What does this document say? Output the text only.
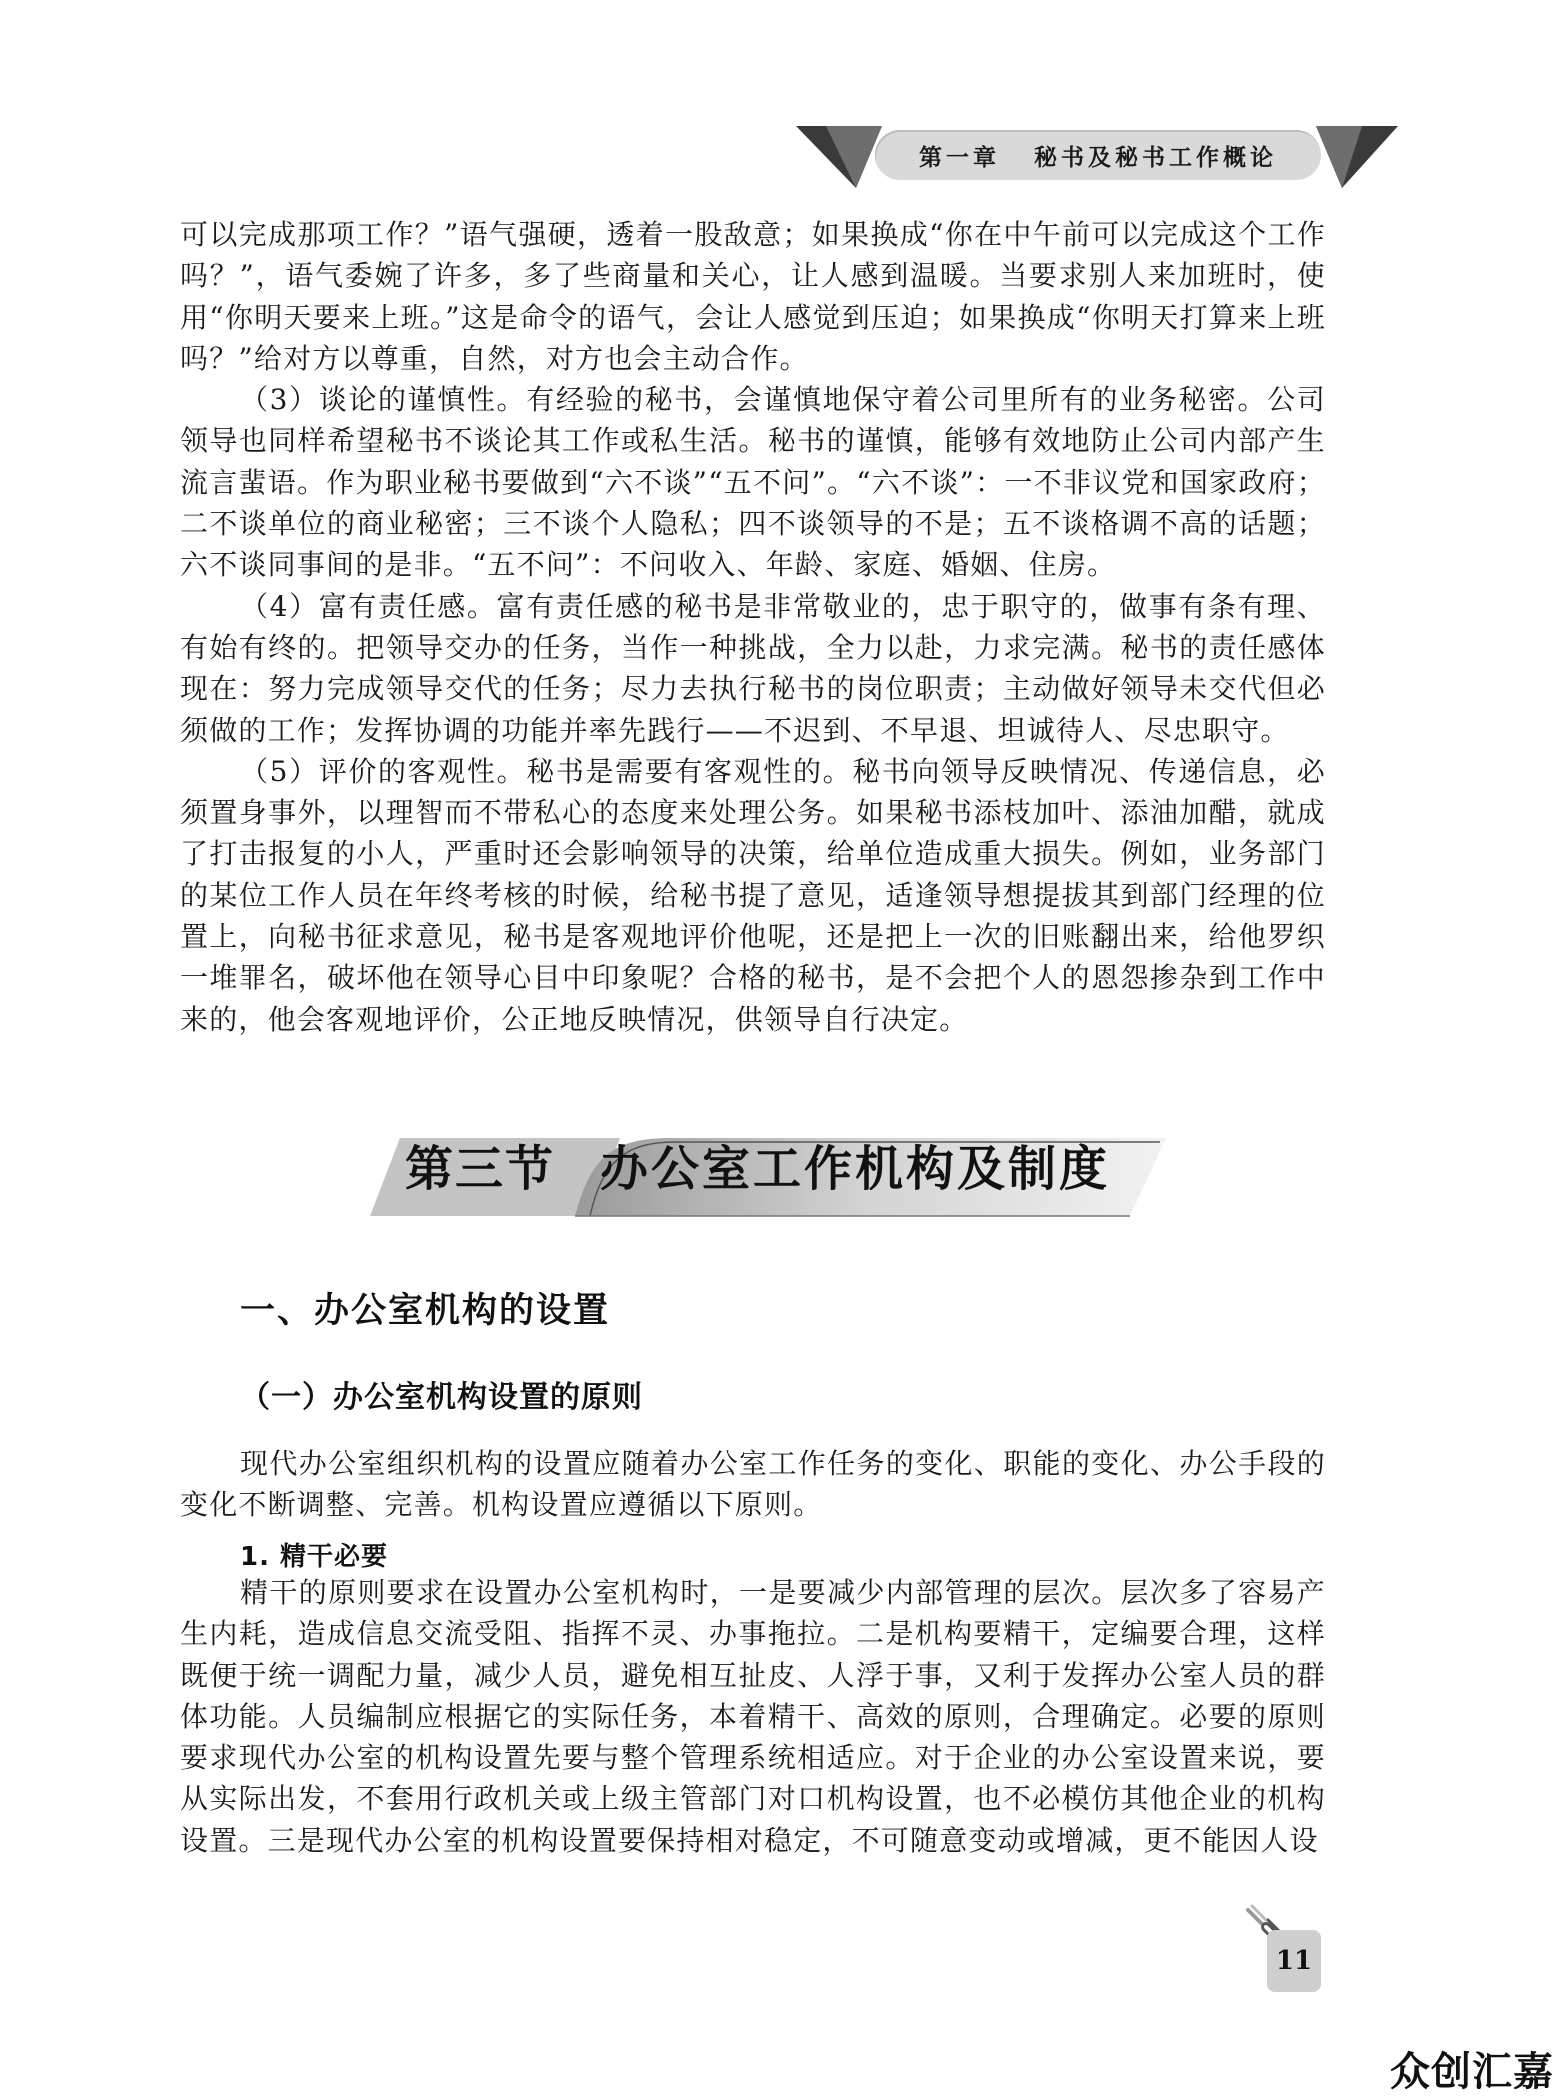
第一章 秘书及秘书工作概论

可以完成那项工作？”语气强硬，透着一股敌意；如果换成“你在中午前可以完成这个工作吗？”，语气委婉了许多，多了些商量和关心，让人感到温暖。当要求别人来加班时，使用“你明天要来上班。”这是命令的语气，会让人感觉到压迫；如果换成“你明天打算来上班吗？”给对方以尊重，自然，对方也会主动合作。

（3）谈论的谨慎性。有经验的秘书，会谨慎地保守着公司里所有的业务秘密。公司领导也同样希望秘书不谈论其工作或私生活。秘书的谨慎，能够有效地防止公司内部产生流言蜚语。作为职业秘书要做到“六不谈”“五不问”。“六不谈”：一不非议党和国家政府；二不谈单位的商业秘密；三不谈个人隐私；四不谈领导的不是；五不谈格调不高的话题；六不谈同事间的是非。“五不问”：不问收入、年龄、家庭、婚姻、住房。

（4）富有责任感。富有责任感的秘书是非常敬业的，忠于职守的，做事有条有理、有始有终的。把领导交办的任务，当作一种挑战，全力以赴，力求完满。秘书的责任感体现在：努力完成领导交代的任务；尽力去执行秘书的岗位职责；主动做好领导未交代但必须做的工作；发挥协调的功能并率先践行——不迟到、不早退、坦诚待人、尽忠职守。

（5）评价的客观性。秘书是需要有客观性的。秘书向领导反映情况、传递信息，必须置身事外，以理智而不带私心的态度来处理公务。如果秘书添枝加叶、添油加醋，就成了打击报复的小人，严重时还会影响领导的决策，给单位造成重大损失。例如，业务部门的某位工作人员在年终考核的时候，给秘书提了意见，适逢领导想提拔其到部门经理的位置上，向秘书征求意见，秘书是客观地评价他呢，还是把上一次的旧账翻出来，给他罗织一堆罪名，破坏他在领导心目中印象呢？合格的秘书，是不会把个人的恩怨掺杂到工作中来的，他会客观地评价，公正地反映情况，供领导自行决定。

第三节 办公室工作机构及制度
一、办公室机构的设置
（一）办公室机构设置的原则

现代办公室组织机构的设置应随着办公室工作任务的变化、职能的变化、办公手段的变化不断调整、完善。机构设置应遵循以下原则。

1. 精干必要

精干的原则要求在设置办公室机构时，一是要减少内部管理的层次。层次多了容易产生内耗，造成信息交流受阻、指挥不灵、办事拖拉。二是机构要精干，定编要合理，这样既便于统一调配力量，减少人员，避免相互扯皮、人浮于事，又利于发挥办公室人员的群体功能。人员编制应根据它的实际任务，本着精干、高效的原则，合理确定。必要的原则要求现代办公室的机构设置先要与整个管理系统相适应。对于企业的办公室设置来说，要从实际出发，不套用行政机关或上级主管部门对口机构设置，也不必模仿其他企业的机构设置。三是现代办公室的机构设置要保持相对稳定，不可随意变动或增减，更不能因人设

11
众创汇嘉
